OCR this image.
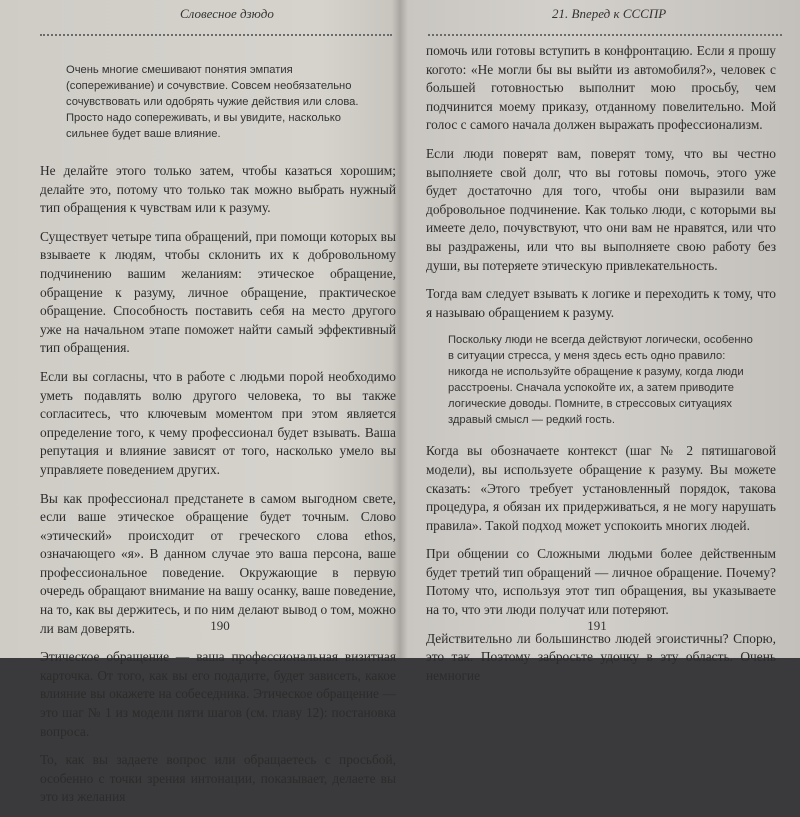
Словесное дзюдо
Очень многие смешивают понятия эмпатия (сопереживание) и сочувствие. Совсем необязательно сочувствовать или одобрять чужие действия или слова. Просто надо сопереживать, и вы увидите, насколько сильнее будет ваше влияние.

Не делайте этого только затем, чтобы казаться хорошим; делайте это, потому что только так можно выбрать нужный тип обращения к чувствам или к разуму.

Существует четыре типа обращений, при помощи которых вы взываете к людям, чтобы склонить их к добровольному подчинению вашим желаниям: этическое обращение, обращение к разуму, личное обращение, практическое обращение. Способность поставить себя на место другого уже на начальном этапе поможет найти самый эффективный тип обращения.

Если вы согласны, что в работе с людьми порой необходимо уметь подавлять волю другого человека, то вы также согласитесь, что ключевым моментом при этом является определение того, к чему профессионал будет взывать. Ваша репутация и влияние зависят от того, насколько умело вы управляете поведением других.

Вы как профессионал предстанете в самом выгодном свете, если ваше этическое обращение будет точным. Слово «этический» происходит от греческого слова ethos, означающего «я». В данном случае это ваша персона, ваше профессиональное поведение. Окружающие в первую очередь обращают внимание на вашу осанку, ваше поведение, на то, как вы держитесь, и по ним делают вывод о том, можно ли вам доверять.

Этическое обращение — ваша профессиональная визитная карточка. От того, как вы его подадите, будет зависеть, какое влияние вы окажете на собеседника. Этическое обращение — это шаг № 1 из модели пяти шагов (см. главу 12): постановка вопроса.

То, как вы задаете вопрос или обращаетесь с просьбой, особенно с точки зрения интонации, показывает, делаете вы это из желания

190
21. Вперед к СССПР

помочь или готовы вступить в конфронтацию. Если я прошу когото: «Не могли бы вы выйти из автомобиля?», человек с большей готовностью выполнит мою просьбу, чем подчинится моему приказу, отданному повелительно. Мой голос с самого начала должен выражать профессионализм.

Если люди поверят вам, поверят тому, что вы честно выполняете свой долг, что вы готовы помочь, этого уже будет достаточно для того, чтобы они выразили вам добровольное подчинение. Как только люди, с которыми вы имеете дело, почувствуют, что они вам не нравятся, или что вы раздражены, или что вы выполняете свою работу без души, вы потеряете этическую привлекательность.

Тогда вам следует взывать к логике и переходить к тому, что я называю обращением к разуму.

Поскольку люди не всегда действуют логически, особенно в ситуации стресса, у меня здесь есть одно правило: никогда не используйте обращение к разуму, когда люди расстроены. Сначала успокойте их, а затем приводите логические доводы. Помните, в стрессовых ситуациях здравый смысл — редкий гость.

Когда вы обозначаете контекст (шаг № 2 пятишаговой модели), вы используете обращение к разуму. Вы можете сказать: «Этого требует установленный порядок, такова процедура, я обязан их придерживаться, я не могу нарушать правила». Такой подход может успокоить многих людей.

При общении со Сложными людьми более действенным будет третий тип обращений — личное обращение. Почему? Потому что, используя этот тип обращения, вы указываете на то, что эти люди получат или потеряют.

Действительно ли большинство людей эгоистичны? Спорю, это так. Поэтому забросьте удочку в эту область. Очень немногие

191
